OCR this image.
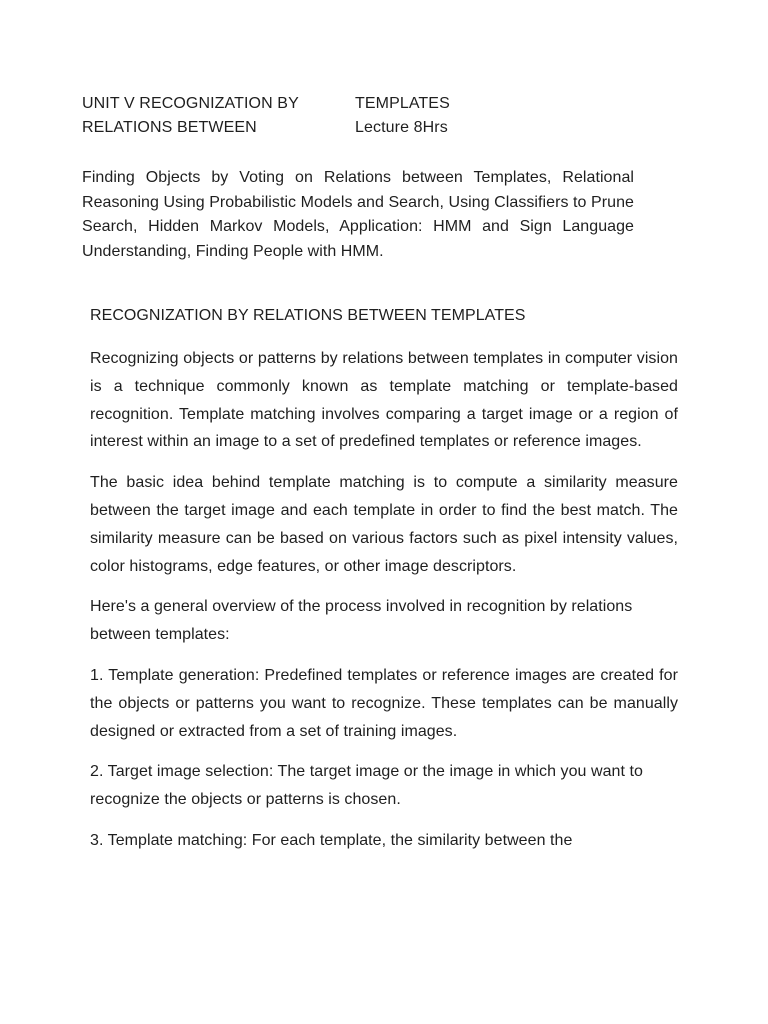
UNIT V RECOGNIZATION BY	TEMPLATES
RELATIONS BETWEEN	Lecture 8Hrs
Finding Objects by Voting on Relations between Templates, Relational Reasoning Using Probabilistic Models and Search, Using Classifiers to Prune Search, Hidden Markov Models, Application: HMM and Sign Language Understanding, Finding People with HMM.
RECOGNIZATION BY RELATIONS BETWEEN TEMPLATES

Recognizing objects or patterns by relations between templates in computer vision is a technique commonly known as template matching or template-based recognition. Template matching involves comparing a target image or a region of interest within an image to a set of predefined templates or reference images.

The basic idea behind template matching is to compute a similarity measure between the target image and each template in order to find the best match. The similarity measure can be based on various factors such as pixel intensity values, color histograms, edge features, or other image descriptors.

Here's a general overview of the process involved in recognition by relations between templates:

1. Template generation: Predefined templates or reference images are created for the objects or patterns you want to recognize. These templates can be manually designed or extracted from a set of training images.

2. Target image selection: The target image or the image in which you want to recognize the objects or patterns is chosen.

3. Template matching: For each template, the similarity between the
